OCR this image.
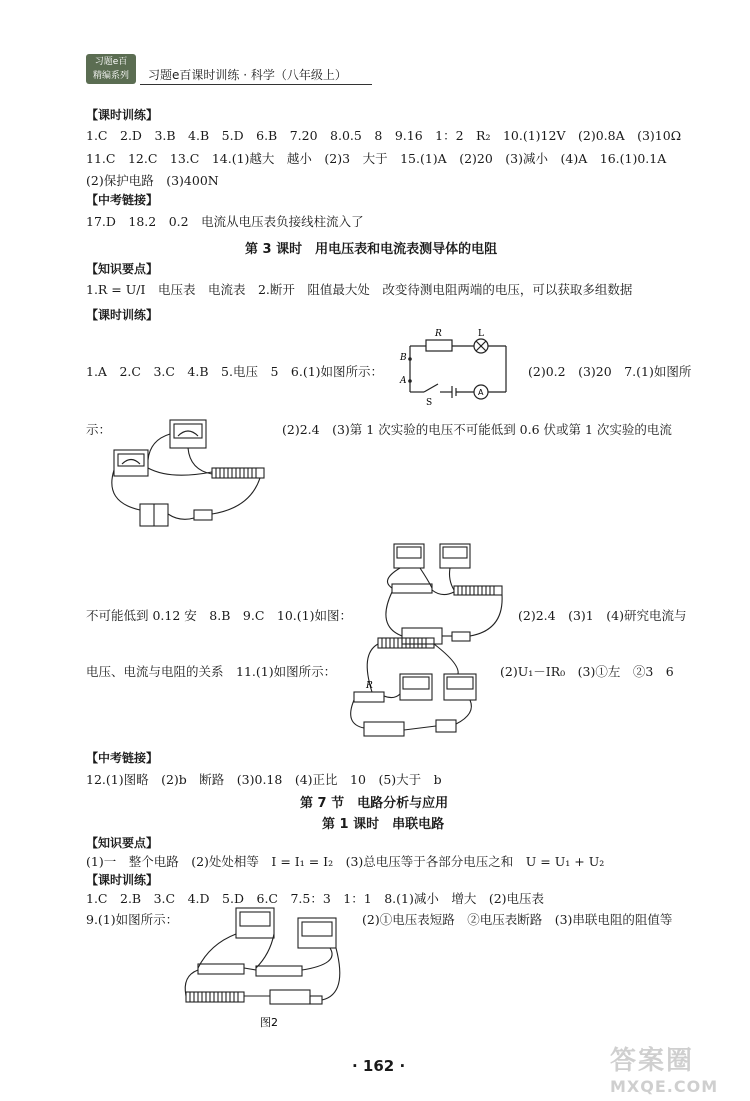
习题e百
精编系列	习题e百课时训练 · 科学（八年级上）
【课时训练】
1.C　2.D　3.B　4.B　5.D　6.B　7.20　8.0.5　8　9.16　1：2　R₂　10.(1)12V　(2)0.8A　(3)10Ω
11.C　12.C　13.C　14.(1)越大　越小　(2)3　大于　15.(1)A　(2)20　(3)减小　(4)A　16.(1)0.1A
(2)保护电路　(3)400N
【中考链接】
17.D　18.2　0.2　电流从电压表负接线柱流入了
第 3 课时　用电压表和电流表测导体的电阻
【知识要点】
1.R = U/I　电压表　电流表　2.断开　阻值最大处　改变待测电阻两端的电压，可以获取多组数据
【课时训练】
R	L
B
A
S
A
1.A　2.C　3.C　4.B　5.电压　5　6.(1)如图所示：	(2)0.2　(3)20　7.(1)如图所
示：	(2)2.4　(3)第 1 次实验的电压不可能低到 0.6 伏或第 1 次实验的电流
不可能低到 0.12 安　8.B　9.C　10.(1)如图：	(2)2.4　(3)1　(4)研究电流与
R
电压、电流与电阻的关系　11.(1)如图所示：	(2)U₁－IR₀　(3)①左　②3　6
【中考链接】
12.(1)图略　(2)b　断路　(3)0.18　(4)正比　10　(5)大于　b
第 7 节　电路分析与应用
第 1 课时　串联电路
【知识要点】
(1)一　整个电路　(2)处处相等　I = I₁ = I₂　(3)总电压等于各部分电压之和　U = U₁ + U₂
【课时训练】
1.C　2.B　3.C　4.D　5.D　6.C　7.5：3　1：1　8.(1)减小　增大　(2)电压表
9.(1)如图所示：	(2)①电压表短路　②电压表断路　(3)串联电阻的阻值等
图2
· 162 ·	答案圈
MXQE.COM
